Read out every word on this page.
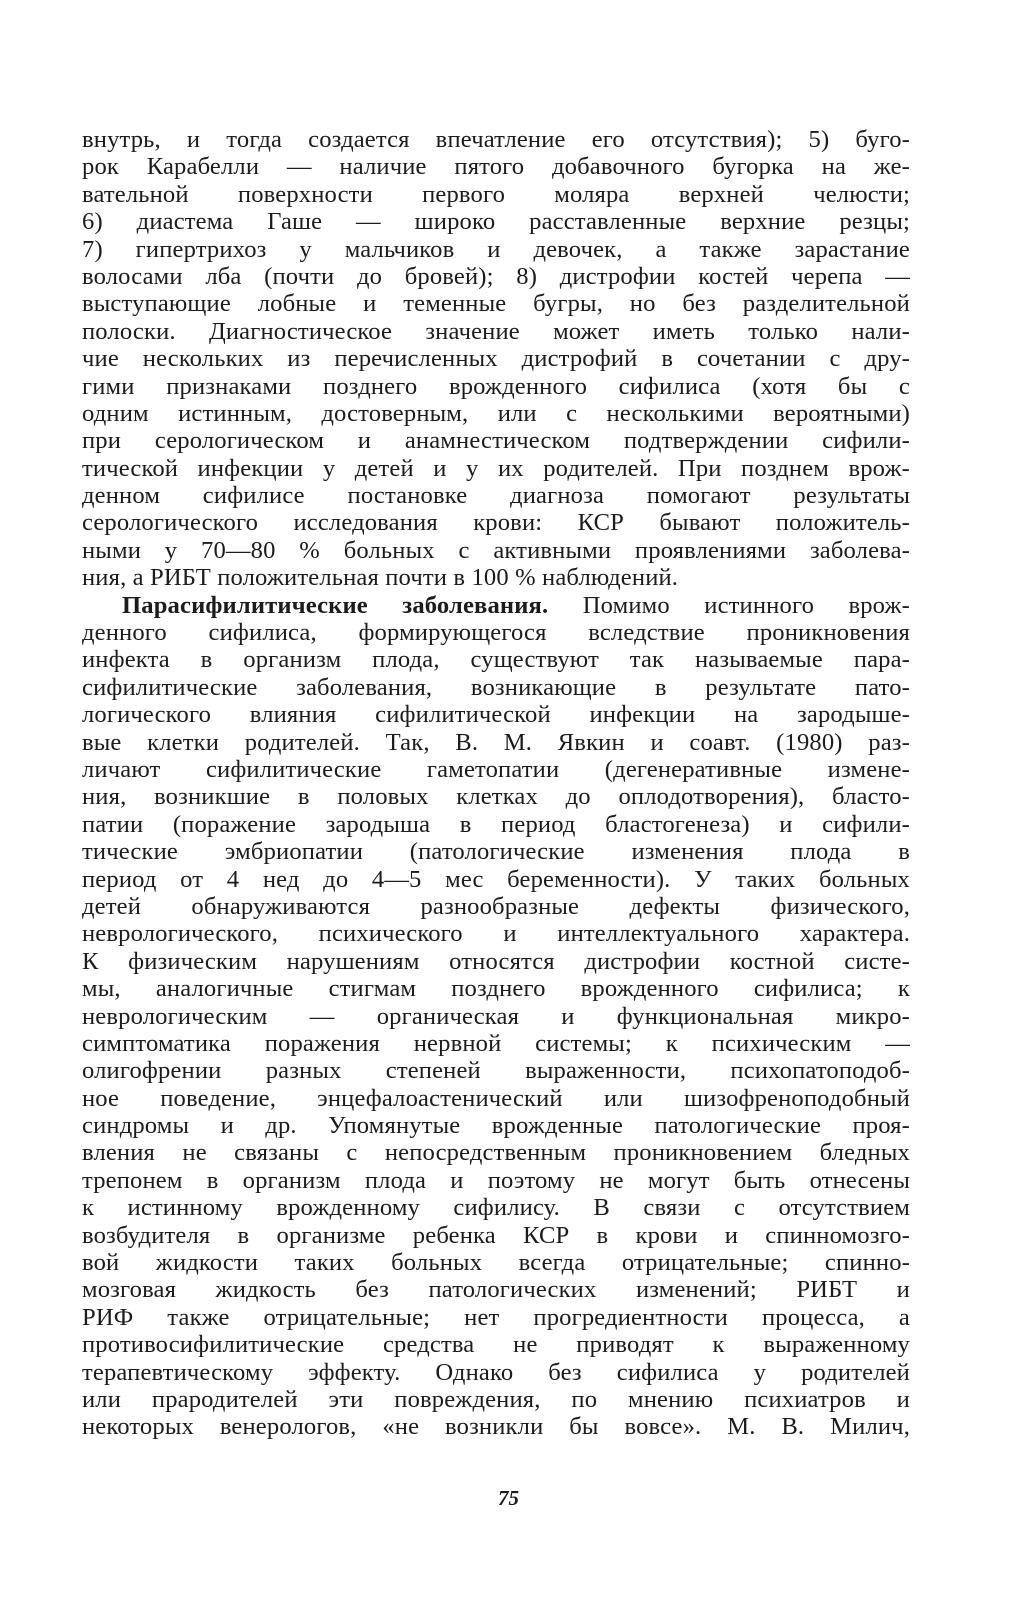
внутрь, и тогда создается впечатление его отсутствия); 5) буго-
рок Карабелли — наличие пятого добавочного бугорка на же-
вательной поверхности первого моляра верхней челюсти;
6) диастема Гаше — широко расставленные верхние резцы;
7) гипертрихоз у мальчиков и девочек, а также зарастание
волосами лба (почти до бровей); 8) дистрофии костей черепа —
выступающие лобные и теменные бугры, но без разделительной
полоски. Диагностическое значение может иметь только нали-
чие нескольких из перечисленных дистрофий в сочетании с дру-
гими признаками позднего врожденного сифилиса (хотя бы с
одним истинным, достоверным, или с несколькими вероятными)
при серологическом и анамнестическом подтверждении сифили-
тической инфекции у детей и у их родителей. При позднем врож-
денном сифилисе постановке диагноза помогают результаты
серологического исследования крови: КСР бывают положитель-
ными у 70—80 % больных с активными проявлениями заболева-
ния, а РИБТ положительная почти в 100 % наблюдений.
Парасифилитические заболевания. Помимо истинного врож-
денного сифилиса, формирующегося вследствие проникновения
инфекта в организм плода, существуют так называемые пара-
сифилитические заболевания, возникающие в результате пато-
логического влияния сифилитической инфекции на зародыше-
вые клетки родителей. Так, В. М. Явкин и соавт. (1980) раз-
личают сифилитические гаметопатии (дегенеративные измене-
ния, возникшие в половых клетках до оплодотворения), бласто-
патии (поражение зародыша в период бластогенеза) и сифили-
тические эмбриопатии (патологические изменения плода в
период от 4 нед до 4—5 мес беременности). У таких больных
детей обнаруживаются разнообразные дефекты физического,
неврологического, психического и интеллектуального характера.
К физическим нарушениям относятся дистрофии костной систе-
мы, аналогичные стигмам позднего врожденного сифилиса; к
неврологическим — органическая и функциональная микро-
симптоматика поражения нервной системы; к психическим —
олигофрении разных степеней выраженности, психопатоподоб-
ное поведение, энцефалоастенический или шизофреноподобный
синдромы и др. Упомянутые врожденные патологические проя-
вления не связаны с непосредственным проникновением бледных
трепонем в организм плода и поэтому не могут быть отнесены
к истинному врожденному сифилису. В связи с отсутствием
возбудителя в организме ребенка КСР в крови и спинномозго-
вой жидкости таких больных всегда отрицательные; спинно-
мозговая жидкость без патологических изменений; РИБТ и
РИФ также отрицательные; нет прогредиентности процесса, а
противосифилитические средства не приводят к выраженному
терапевтическому эффекту. Однако без сифилиса у родителей
или прародителей эти повреждения, по мнению психиатров и
некоторых венерологов, «не возникли бы вовсе». М. В. Милич,
75
